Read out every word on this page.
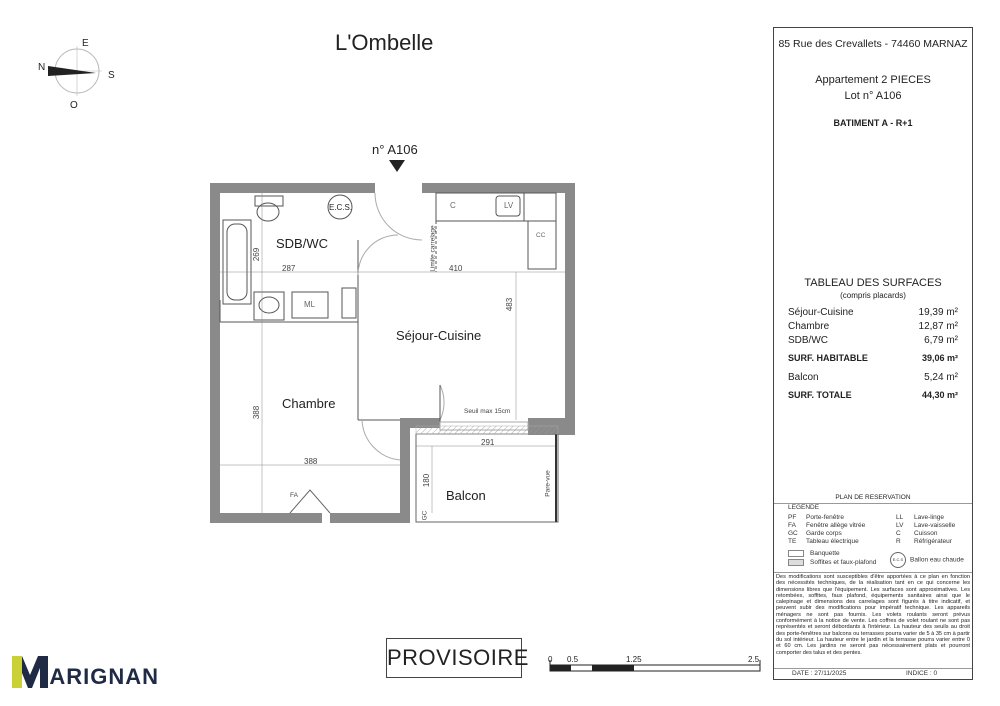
L'Ombelle
N
E
S
O
n° A106
SDB/WC
Séjour-Cuisine
Chambre
Balcon
287	410
269
483
388
388
291
180
E.C.S.
ML
C	LV
CC
FA
GC
Pare-vue
Limite carrelage
Seuil max 15cm
PROVISOIRE 0 0.5	1.25	2.5
ARIGNAN
85 Rue des Crevallets - 74460 MARNAZ
Appartement 2 PIECES
Lot n° A106
BATIMENT A - R+1
TABLEAU DES SURFACES
(compris placards)
Séjour-Cuisine	19,39 m²
Chambre	12,87 m²
SDB/WC	6,79 m²
SURF. HABITABLE	39,06 m²
Balcon	5,24 m²
SURF. TOTALE	44,30 m²
PLAN DE RESERVATION
LEGENDE
PF Porte-fenêtre
FA Fenêtre allège vitrée
GC Garde corps
TE Tableau électrique
LL Lave-linge
LV Lave-vaisselle
C Cuisson
R Réfrigérateur
Banquette
Soffites et faux-plafond	E.C.S Ballon eau chaude
Des modifications sont susceptibles d'être apportées à ce plan en fonction des nécessités techniques, de la réalisation tant en ce qui concerne les dimensions libres que l'équipement. Les surfaces sont approximatives. Les retombées, soffites, faux plafond, équipements sanitaires ainsi que le calepinage et dimensions des carrelages sont figurés à titre indicatif, et peuvent subir des modifications pour impératif technique. Les appareils ménagers ne sont pas fournis. Les volets roulants seront prévus conformément à la notice de vente. Les coffres de volet roulant ne sont pas représentés et seront débordants à l'intérieur. La hauteur des seuils au droit des porte-fenêtres sur balcons ou terrasses pourra varier de 5 à 35 cm à partir du sol intérieur. La hauteur entre le jardin et la terrasse pourra varier entre 0 et 60 cm. Les jardins ne seront pas nécessairement plats et pourront comporter des talus et des pentes.
DATE : 27/11/2025	INDICE : 0
